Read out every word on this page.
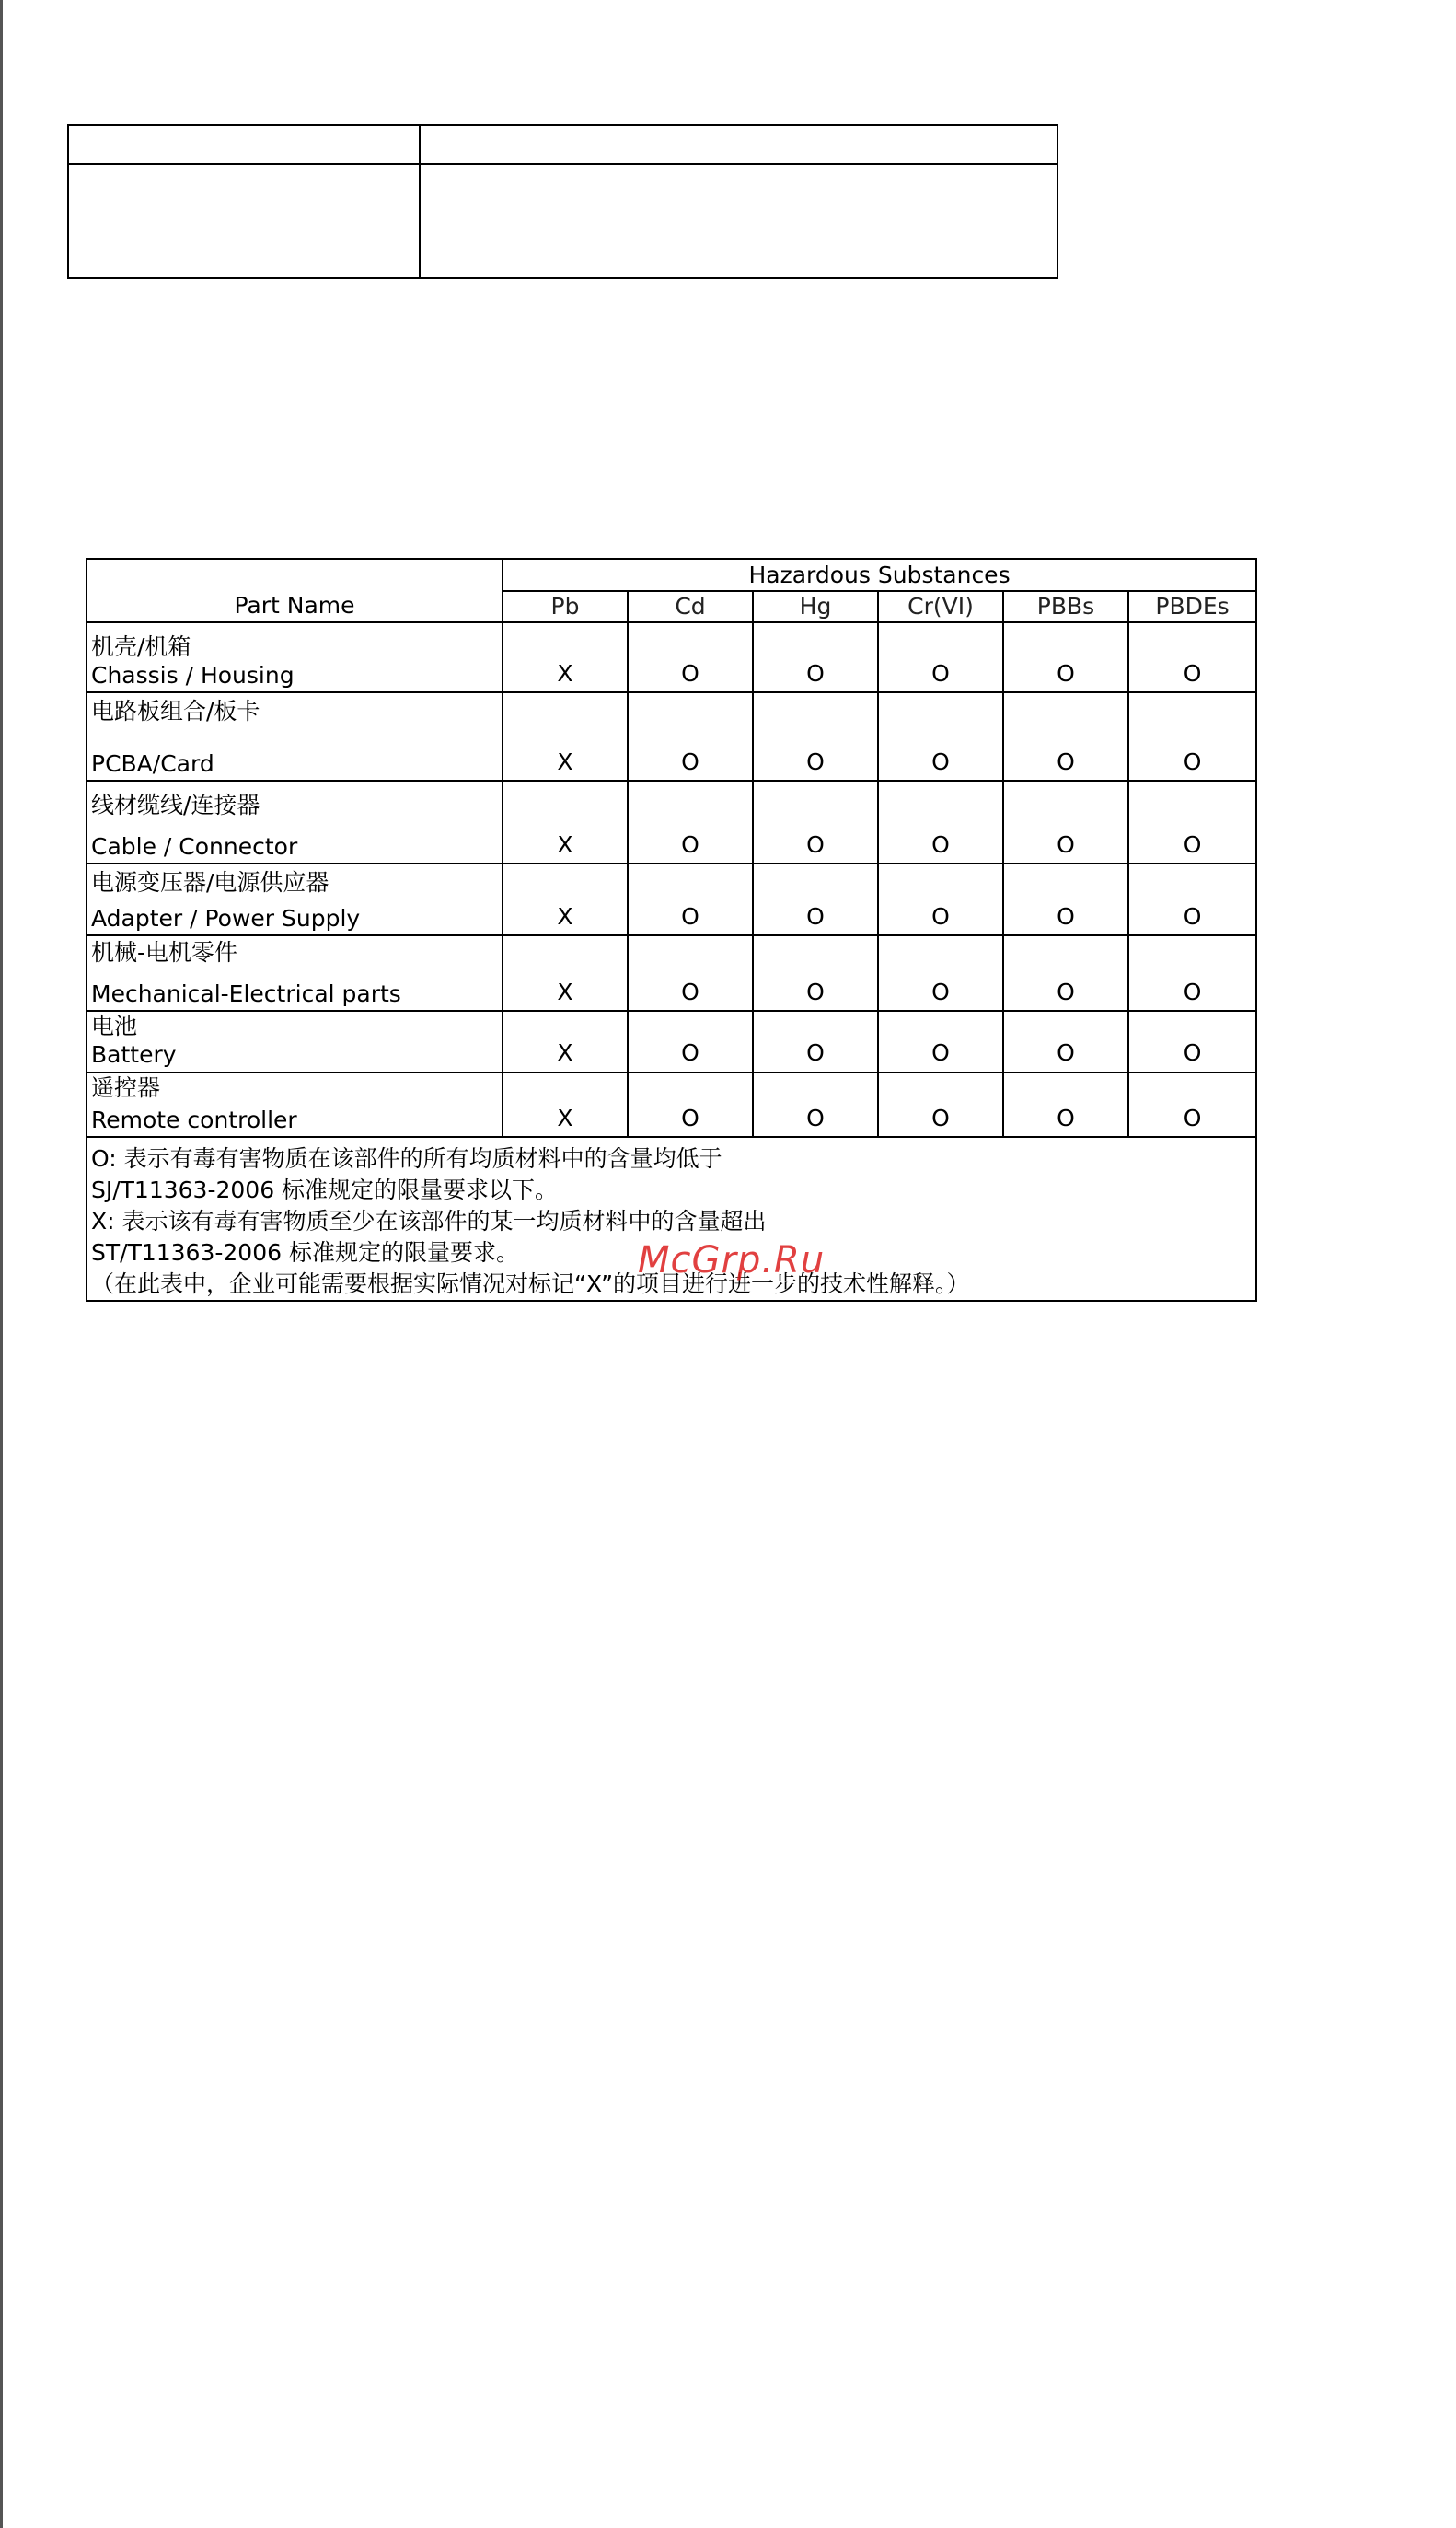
Part Name	Hazardous Substances					
	Pb	Cd	Hg	Cr(VI)	PBBs	PBDEs

机壳/机箱
Chassis / Housing	X	O	O	O	O	O

电路板组合/板卡
PCBA/Card	X	O	O	O	O	O

线材缆线/连接器
Cable / Connector	X	O	O	O	O	O

电源变压器/电源供应器
Adapter / Power Supply	X	O	O	O	O	O

机械-电机零件
Mechanical-Electrical parts	X	O	O	O	O	O

电池
Battery	X	O	O	O	O	O

遥控器
Remote controller	X	O	O	O	O	O

O: 表示有毒有害物质在该部件的所有均质材料中的含量均低于
SJ/T11363-2006 标准规定的限量要求以下。
X: 表示该有毒有害物质至少在该部件的某一均质材料中的含量超出
ST/T11363-2006 标准规定的限量要求。
（在此表中，企业可能需要根据实际情况对标记“X”的项目进行进一步的技术性解释。）						
McGrp.Ru
